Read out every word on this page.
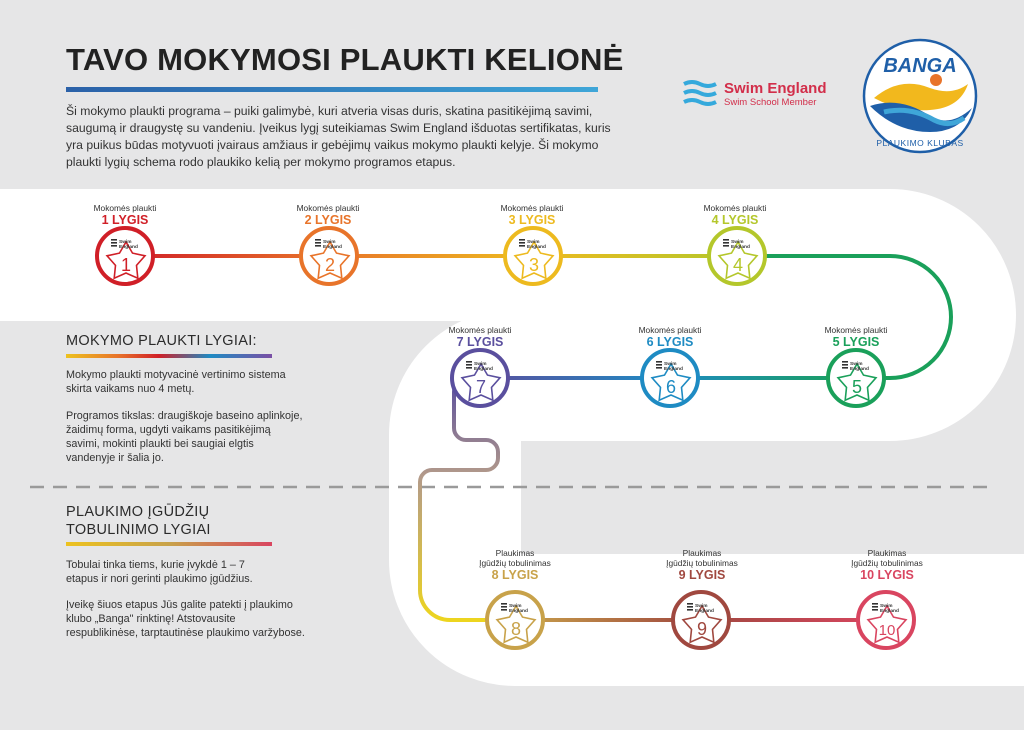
Swim
England
1
Swim
England
2
Swim
England
3
Swim
England
4
Swim
England
5
Swim
England
6
Swim
England
7
Swim
England
8
Swim
England
9
Swim
England
10
TAVO MOKYMOSI PLAUKTI KELIONĖ

Ši mokymo plaukti programa – puiki galimybė, kuri atveria visas duris, skatina pasitikėjimą savimi, saugumą ir draugystę su vandeniu. Įveikus lygį suteikiamas Swim England išduotas sertifikatas, kuris yra puikus būdas motyvuoti įvairaus amžiaus ir gebėjimų vaikus mokymo plaukti kelyje. Ši mokymo plaukti lygių schema rodo plaukiko kelią per mokymo programos etapus.

Swim England
Swim School Member
BANGA
PLAUKIMO KLUBAS
MOKYMO PLAUKTI LYGIAI:

Mokymo plaukti motyvacinė vertinimo sistema skirta vaikams nuo 4 metų.

Programos tikslas: draugiškoje baseino aplinkoje, žaidimų forma, ugdyti vaikams pasitikėjimą savimi, mokinti plaukti bei saugiai elgtis vandenyje ir šalia jo.

PLAUKIMO ĮGŪDŽIŲ
TOBULINIMO LYGIAI

Tobulai tinka tiems, kurie įvykdė 1 – 7 etapus ir nori gerinti plaukimo įgūdžius.

Įveikę šiuos etapus Jūs galite patekti į plaukimo klubo „Banga" rinktinę! Atstovausite respublikinėse, tarptautinėse plaukimo varžybose.

Mokomės plaukti
1 LYGIS
Mokomės plaukti
2 LYGIS
Mokomės plaukti
3 LYGIS
Mokomės plaukti
4 LYGIS
Mokomės plaukti
5 LYGIS
Mokomės plaukti
6 LYGIS
Mokomės plaukti
7 LYGIS
Plaukimas
Įgūdžių tobulinimas
8 LYGIS
Plaukimas
Įgūdžių tobulinimas
9 LYGIS
Plaukimas
Įgūdžių tobulinimas
10 LYGIS
